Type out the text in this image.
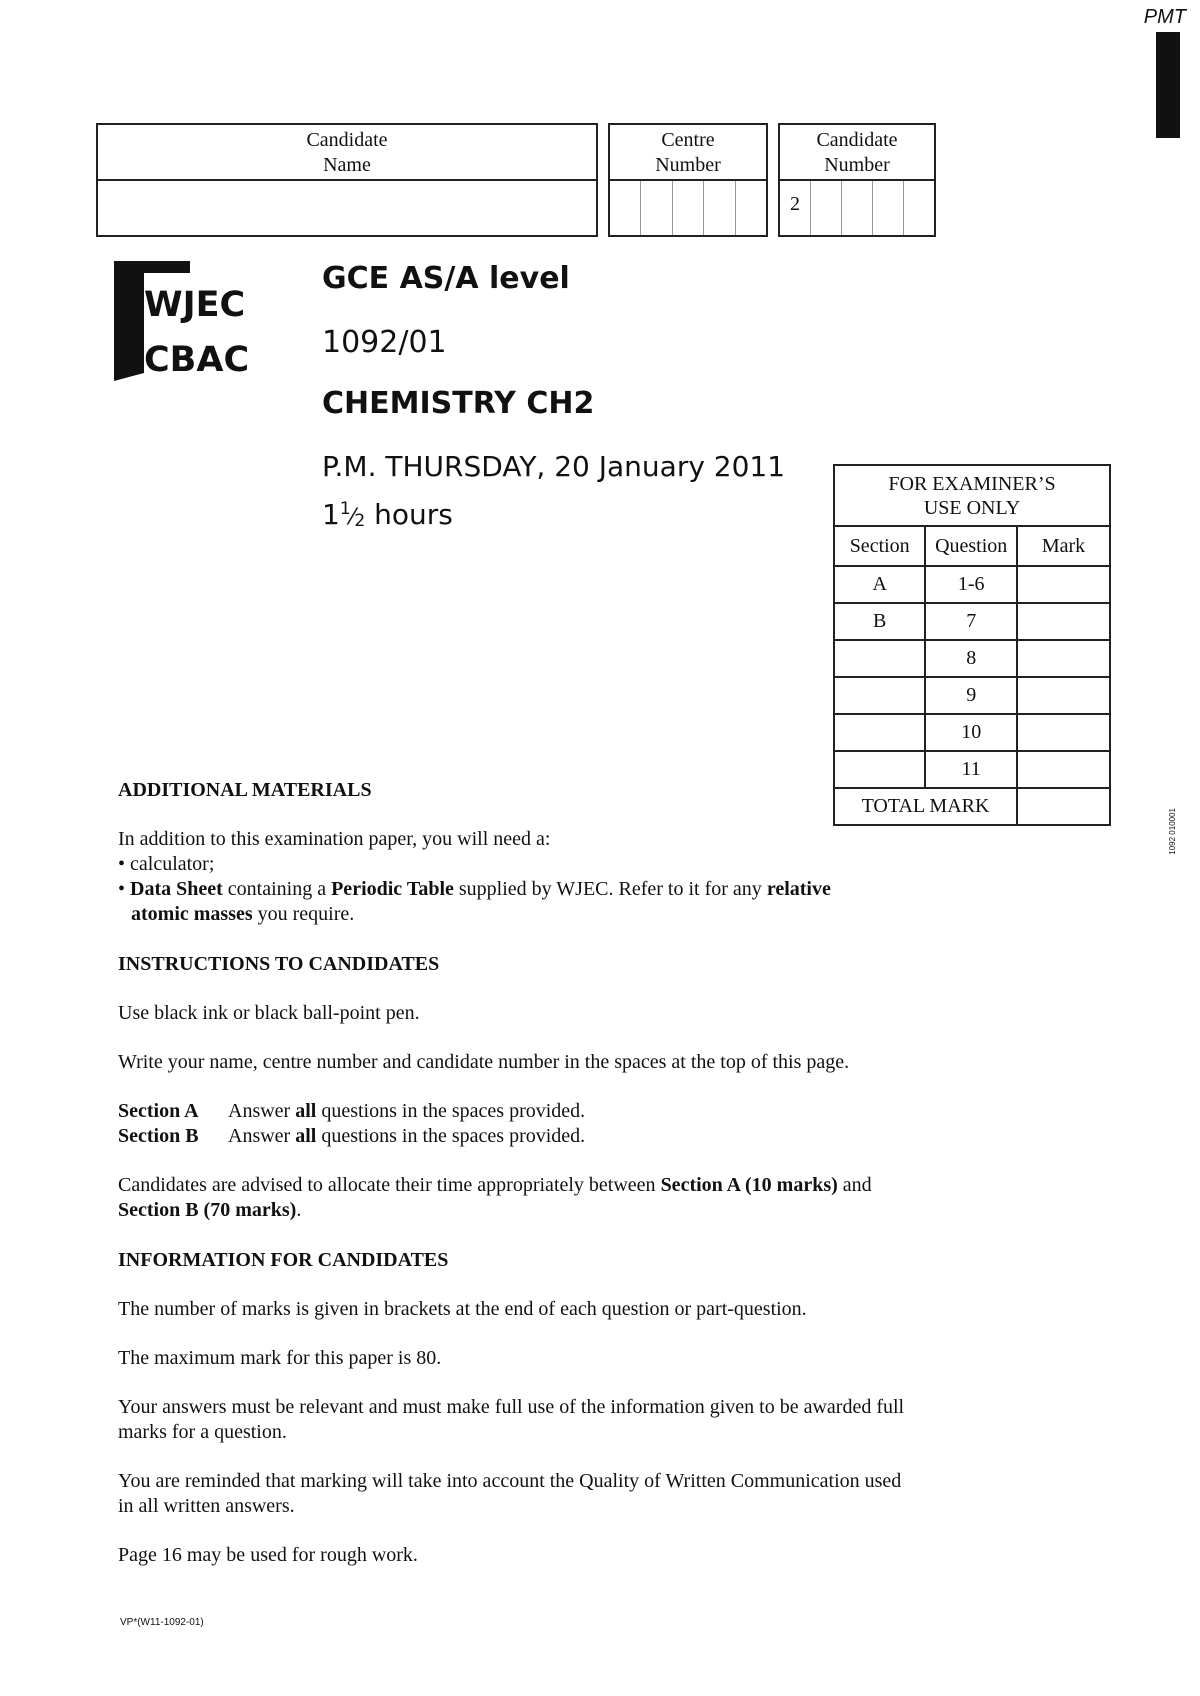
PMT
1092 010001
Candidate
Name
Centre
Number
Candidate
Number
2
WJEC
CBAC
GCE AS/A level
1092/01
CHEMISTRY CH2
P.M. THURSDAY, 20 January 2011
$1^1⁄_2$ hours
FOR EXAMINER’S
USE ONLY		

Section	Question	Mark
A	1-6	
B	7	
	8	
	9	
	10	
	11	
TOTAL MARK		
ADDITIONAL MATERIALS

In addition to this examination paper, you will need a:

• calculator;

• Data Sheet containing a Periodic Table supplied by WJEC. Refer to it for any relative
atomic masses you require.

INSTRUCTIONS TO CANDIDATES

Use black ink or black ball-point pen.

Write your name, centre number and candidate number in the spaces at the top of this page.

Section A Answer all questions in the spaces provided.

Section B Answer all questions in the spaces provided.

Candidates are advised to allocate their time appropriately between Section A (10 marks) and
Section B (70 marks).

INFORMATION FOR CANDIDATES

The number of marks is given in brackets at the end of each question or part-question.

The maximum mark for this paper is 80.

Your answers must be relevant and must make full use of the information given to be awarded full
marks for a question.

You are reminded that marking will take into account the Quality of Written Communication used
in all written answers.

Page 16 may be used for rough work.

VP*(W11-1092-01)
